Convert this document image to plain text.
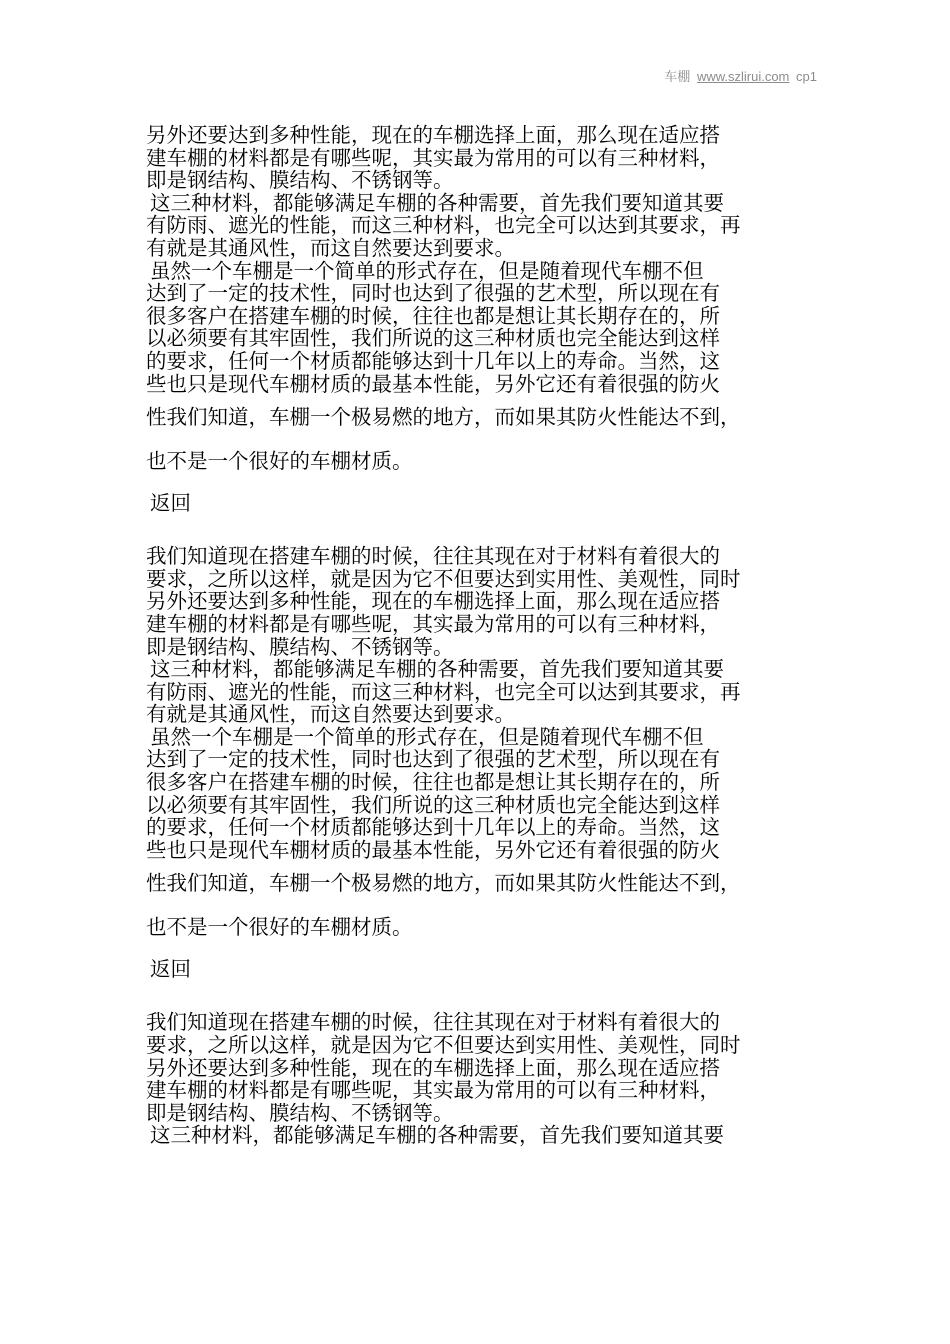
车棚 www.szlirui.com cp1
另外还要达到多种性能，现在的车棚选择上面，那么现在适应搭
建车棚的材料都是有哪些呢，其实最为常用的可以有三种材料，
即是钢结构、膜结构、不锈钢等。
这三种材料，都能够满足车棚的各种需要，首先我们要知道其要
有防雨、遮光的性能，而这三种材料，也完全可以达到其要求，再
有就是其通风性，而这自然要达到要求。
虽然一个车棚是一个简单的形式存在，但是随着现代车棚不但
达到了一定的技术性，同时也达到了很强的艺术型，所以现在有
很多客户在搭建车棚的时候，往往也都是想让其长期存在的，所
以必须要有其牢固性，我们所说的这三种材质也完全能达到这样
的要求，任何一个材质都能够达到十几年以上的寿命。当然，这
些也只是现代车棚材质的最基本性能，另外它还有着很强的防火
性我们知道，车棚一个极易燃的地方，而如果其防火性能达不到，
也不是一个很好的车棚材质。
返回
我们知道现在搭建车棚的时候，往往其现在对于材料有着很大的
要求，之所以这样，就是因为它不但要达到实用性、美观性，同时
另外还要达到多种性能，现在的车棚选择上面，那么现在适应搭
建车棚的材料都是有哪些呢，其实最为常用的可以有三种材料，
即是钢结构、膜结构、不锈钢等。
这三种材料，都能够满足车棚的各种需要，首先我们要知道其要
有防雨、遮光的性能，而这三种材料，也完全可以达到其要求，再
有就是其通风性，而这自然要达到要求。
虽然一个车棚是一个简单的形式存在，但是随着现代车棚不但
达到了一定的技术性，同时也达到了很强的艺术型，所以现在有
很多客户在搭建车棚的时候，往往也都是想让其长期存在的，所
以必须要有其牢固性，我们所说的这三种材质也完全能达到这样
的要求，任何一个材质都能够达到十几年以上的寿命。当然，这
些也只是现代车棚材质的最基本性能，另外它还有着很强的防火
性我们知道，车棚一个极易燃的地方，而如果其防火性能达不到，
也不是一个很好的车棚材质。
返回
我们知道现在搭建车棚的时候，往往其现在对于材料有着很大的
要求，之所以这样，就是因为它不但要达到实用性、美观性，同时
另外还要达到多种性能，现在的车棚选择上面，那么现在适应搭
建车棚的材料都是有哪些呢，其实最为常用的可以有三种材料，
即是钢结构、膜结构、不锈钢等。
这三种材料，都能够满足车棚的各种需要，首先我们要知道其要
